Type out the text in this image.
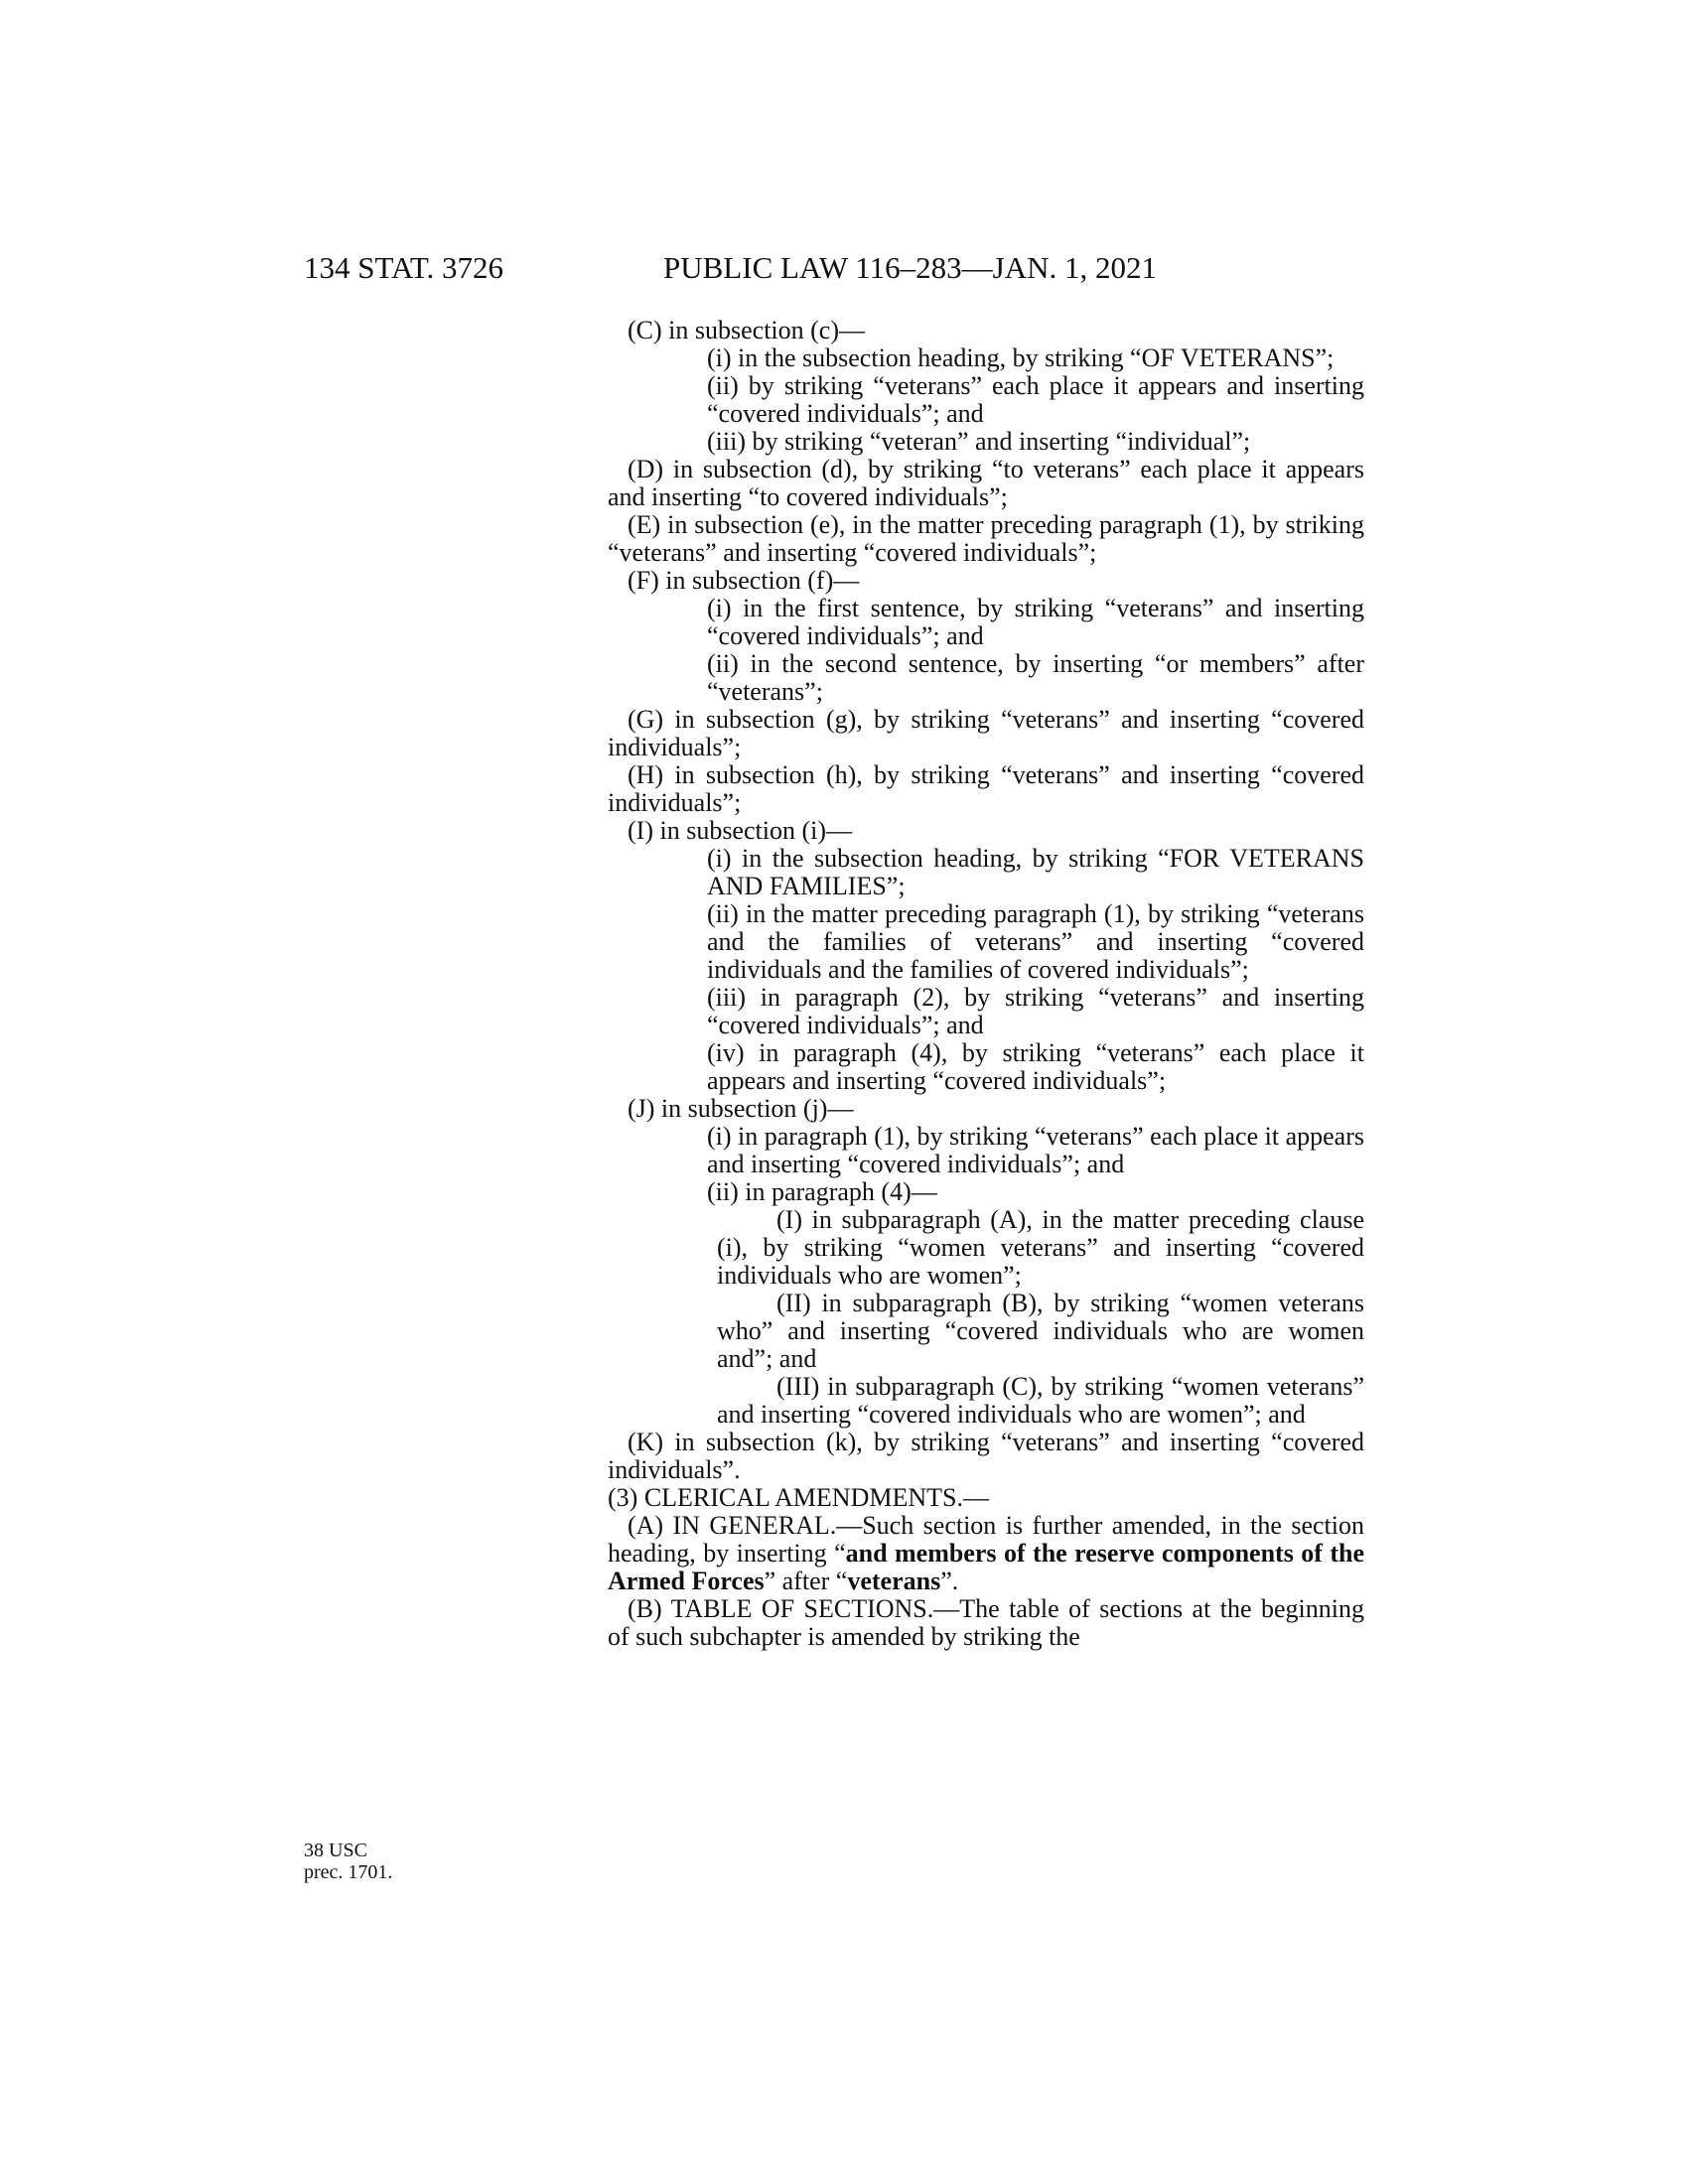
134 STAT. 3726	PUBLIC LAW 116–283—JAN. 1, 2021
38 USC
prec. 1701.
(C) in subsection (c)—
(i) in the subsection heading, by striking “OF VETERANS”;
(ii) by striking “veterans” each place it appears and inserting “covered individuals”; and
(iii) by striking “veteran” and inserting “individual”;
(D) in subsection (d), by striking “to veterans” each place it appears and inserting “to covered individuals”;
(E) in subsection (e), in the matter preceding paragraph (1), by striking “veterans” and inserting “covered individuals”;
(F) in subsection (f)—
(i) in the first sentence, by striking “veterans” and inserting “covered individuals”; and
(ii) in the second sentence, by inserting “or members” after “veterans”;
(G) in subsection (g), by striking “veterans” and inserting “covered individuals”;
(H) in subsection (h), by striking “veterans” and inserting “covered individuals”;
(I) in subsection (i)—
(i) in the subsection heading, by striking “FOR VETERANS AND FAMILIES”;
(ii) in the matter preceding paragraph (1), by striking “veterans and the families of veterans” and inserting “covered individuals and the families of covered individuals”;
(iii) in paragraph (2), by striking “veterans” and inserting “covered individuals”; and
(iv) in paragraph (4), by striking “veterans” each place it appears and inserting “covered individuals”;
(J) in subsection (j)—
(i) in paragraph (1), by striking “veterans” each place it appears and inserting “covered individuals”; and
(ii) in paragraph (4)—
(I) in subparagraph (A), in the matter preceding clause (i), by striking “women veterans” and inserting “covered individuals who are women”;
(II) in subparagraph (B), by striking “women veterans who” and inserting “covered individuals who are women and”; and
(III) in subparagraph (C), by striking “women veterans” and inserting “covered individuals who are women”; and
(K) in subsection (k), by striking “veterans” and inserting “covered individuals”.
(3) CLERICAL AMENDMENTS.—
(A) IN GENERAL.—Such section is further amended, in the section heading, by inserting “and members of the reserve components of the Armed Forces” after “veterans”.
(B) TABLE OF SECTIONS.—The table of sections at the beginning of such subchapter is amended by striking the
